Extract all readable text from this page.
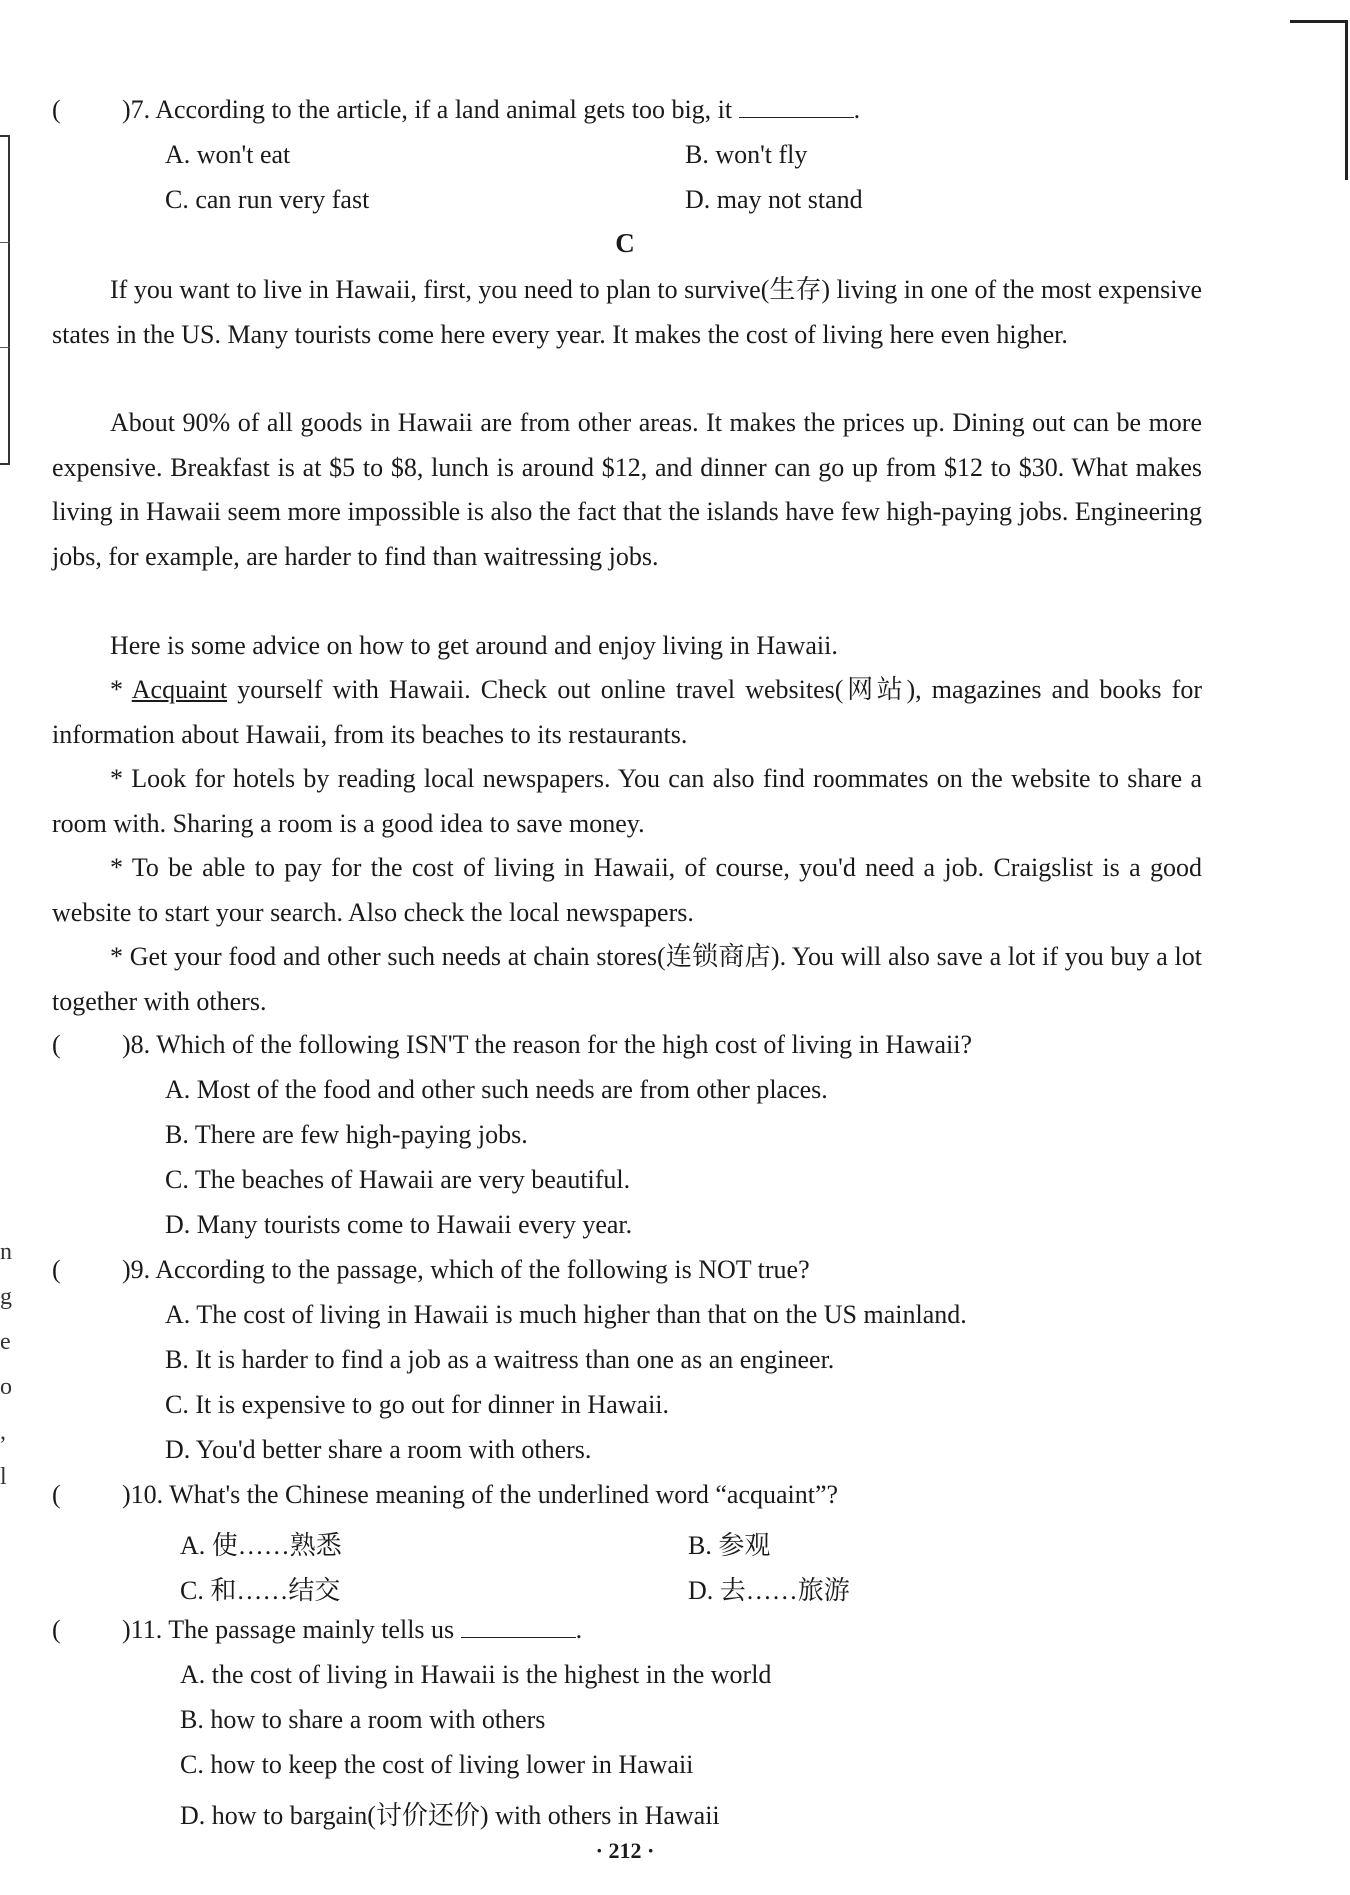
n
g
e
o
,
l
( )7. According to the article, if a land animal gets too big, it	.
A. won't eat	B. won't fly
C. can run very fast	D. may not stand
C
If you want to live in Hawaii, first, you need to plan to survive(生存) living in one of the most expensive states in the US. Many tourists come here every year. It makes the cost of living here even higher.
About 90% of all goods in Hawaii are from other areas. It makes the prices up. Dining out can be more expensive. Breakfast is at $5 to $8, lunch is around $12, and dinner can go up from $12 to $30. What makes living in Hawaii seem more impossible is also the fact that the islands have few high-paying jobs. Engineering jobs, for example, are harder to find than waitressing jobs.
Here is some advice on how to get around and enjoy living in Hawaii.
* Acquaint yourself with Hawaii. Check out online travel websites(网站), magazines and books for information about Hawaii, from its beaches to its restaurants.
* Look for hotels by reading local newspapers. You can also find roommates on the website to share a room with. Sharing a room is a good idea to save money.
* To be able to pay for the cost of living in Hawaii, of course, you'd need a job. Craigslist is a good website to start your search. Also check the local newspapers.
* Get your food and other such needs at chain stores(连锁商店). You will also save a lot if you buy a lot together with others.
( )8. Which of the following ISN'T the reason for the high cost of living in Hawaii?
A. Most of the food and other such needs are from other places.
B. There are few high-paying jobs.
C. The beaches of Hawaii are very beautiful.
D. Many tourists come to Hawaii every year.
( )9. According to the passage, which of the following is NOT true?
A. The cost of living in Hawaii is much higher than that on the US mainland.
B. It is harder to find a job as a waitress than one as an engineer.
C. It is expensive to go out for dinner in Hawaii.
D. You'd better share a room with others.
( )10. What's the Chinese meaning of the underlined word “acquaint”?
A. 使……熟悉	B. 参观
C. 和……结交	D. 去……旅游
( )11. The passage mainly tells us	.
A. the cost of living in Hawaii is the highest in the world
B. how to share a room with others
C. how to keep the cost of living lower in Hawaii
D. how to bargain(讨价还价) with others in Hawaii
· 212 ·
